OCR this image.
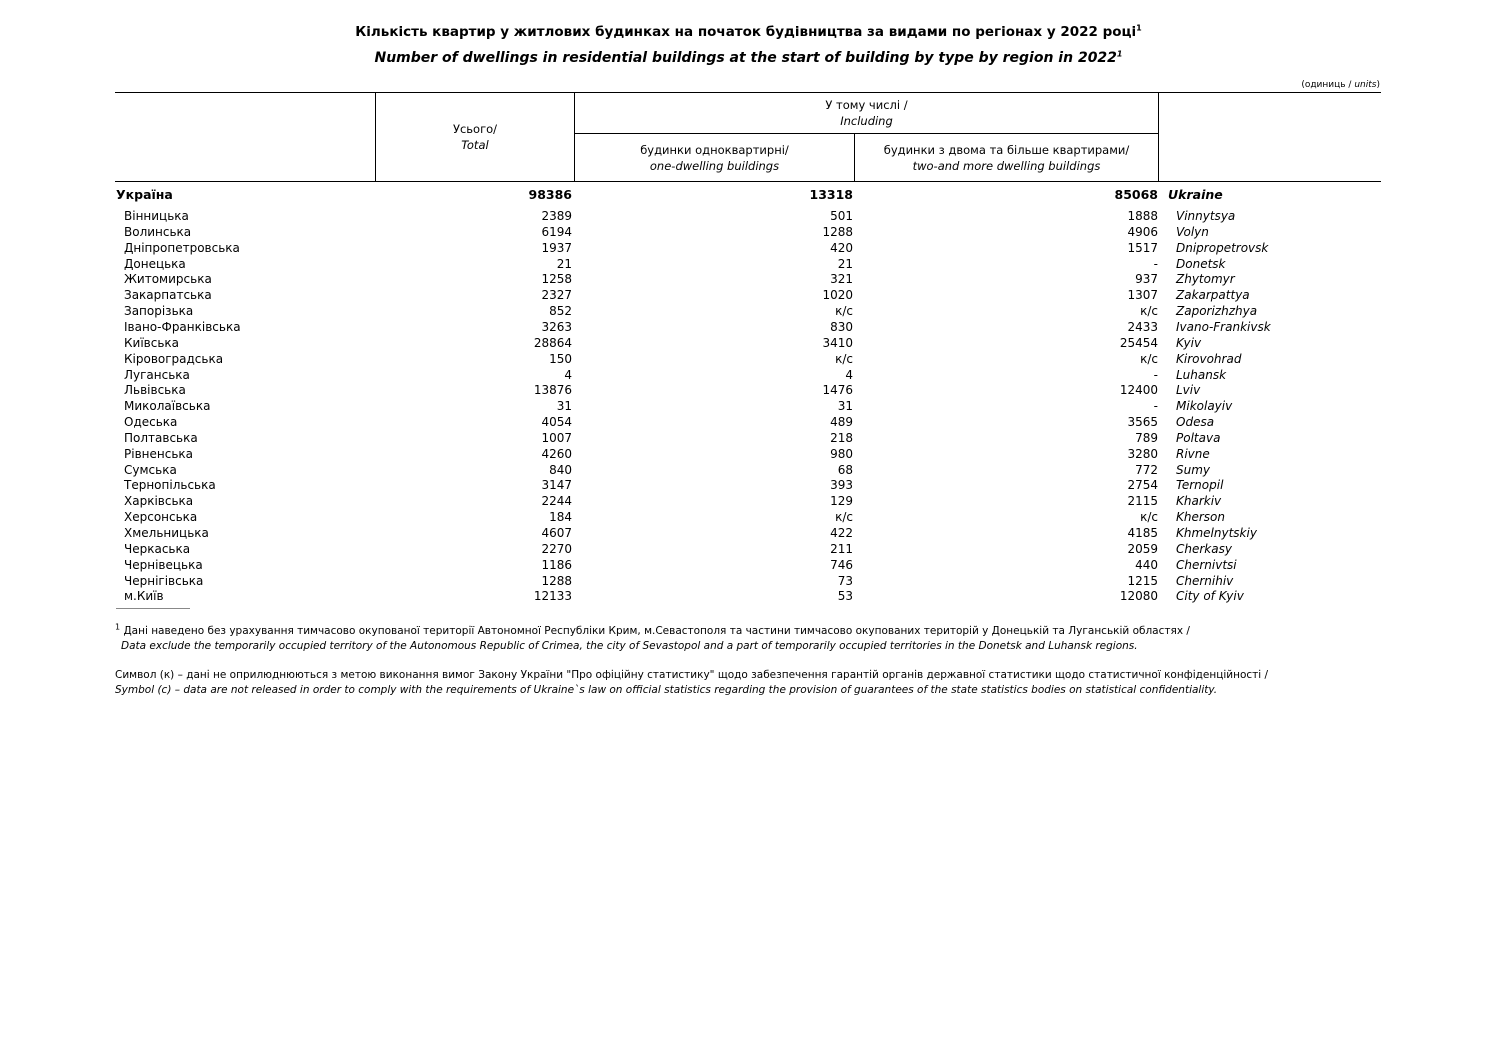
Кількість квартир у житлових будинках на початок будівництва за видами по регіонах у 2022 році$^1$
Number of dwellings in residential buildings at the start of building by type by region in 2022$^1$
(одиниць / units)
Усього/
Total
У тому числі /
Including
будинки одноквартирні/
one-dwelling buildings
будинки з двома та більше квартирами/
two-and more dwelling buildings
Україна	98386	13318	85068 Ukraine
Вінницька	2389	501	1888 Vinnytsya
Волинська	6194	1288	4906 Volyn
Дніпропетровська	1937	420	1517 Dnipropetrovsk
Донецька	21	21	- Donetsk
Житомирська	1258	321	937 Zhytomyr
Закарпатська	2327	1020	1307 Zakarpattya
Запорізька	852	к/с	к/с Zaporizhzhya
Івано-Франківська	3263	830	2433 Ivano-Frankivsk
Київська	28864	3410	25454 Kyiv
Кіровоградська	150	к/с	к/с Kirovohrad
Луганська	4	4	- Luhansk
Львівська	13876	1476	12400 Lviv
Миколаївська	31	31	- Mikolayiv
Одеська	4054	489	3565 Odesa
Полтавська	1007	218	789 Poltava
Рівненська	4260	980	3280 Rivne
Сумська	840	68	772 Sumy
Тернопільська	3147	393	2754 Ternopil
Харківська	2244	129	2115 Kharkiv
Херсонська	184	к/с	к/с Kherson
Хмельницька	4607	422	4185 Khmelnytskiy
Черкаська	2270	211	2059 Cherkasy
Чернівецька	1186	746	440 Chernivtsi
Чернігівська	1288	73	1215 Chernihiv
м.Київ	12133	53	12080 City of Kyiv
$^1$ Дані наведено без урахування тимчасово окупованої території Автономної Республіки Крим, м.Севастополя та частини тимчасово окупованих територій у Донецькій та Луганській областях /
Data exclude the temporarily occupied territory of the Autonomous Republic of Crimea, the city of Sevastopol and a part of temporarily occupied territories in the Donetsk and Luhansk regions.
Символ (к) – дані не оприлюднюються з метою виконання вимог Закону України "Про офіційну статистику" щодо забезпечення гарантій органів державної статистики щодо статистичної конфіденційності /
Symbol (c) – data are not released in order to comply with the requirements of Ukraine`s law on official statistics regarding the provision of guarantees of the state statistics bodies on statistical confidentiality.
